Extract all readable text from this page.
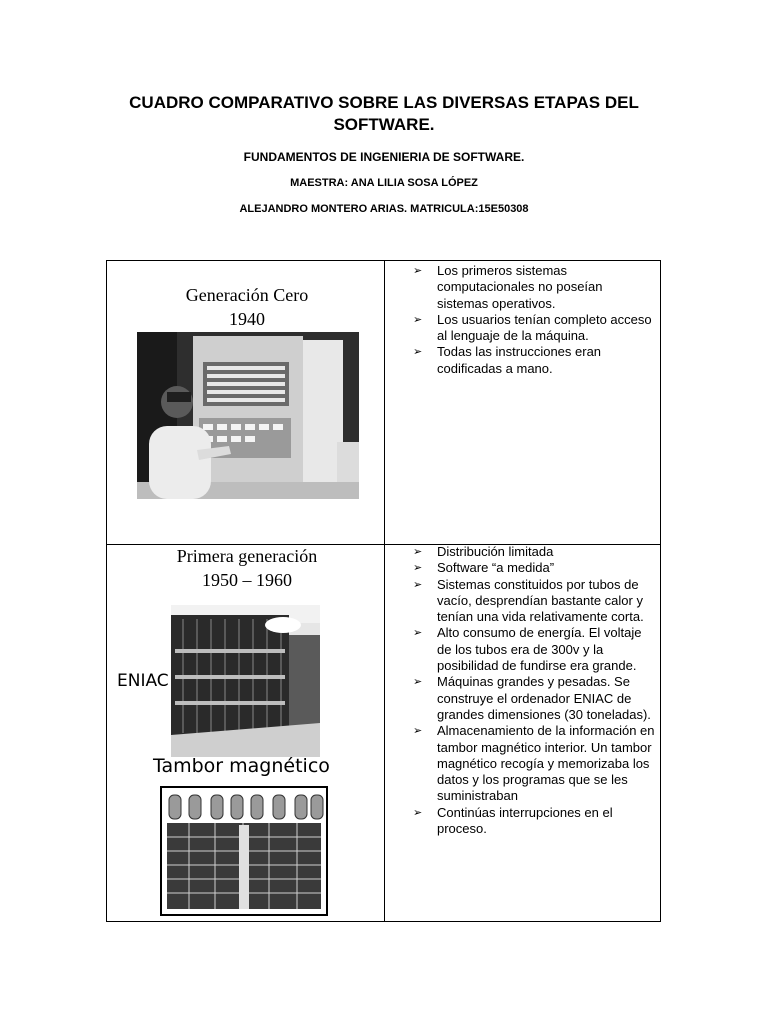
CUADRO COMPARATIVO SOBRE LAS DIVERSAS ETAPAS DEL SOFTWARE.
FUNDAMENTOS DE INGENIERIA DE SOFTWARE.
MAESTRA: ANA LILIA SOSA LÓPEZ
ALEJANDRO MONTERO ARIAS. MATRICULA:15E50308
Generación Cero
1940
➢ Los primeros sistemas computacionales no poseían sistemas operativos.
➢ Los usuarios tenían completo acceso al lenguaje de la máquina.
➢ Todas las instrucciones eran codificadas a mano.
Primera generación
1950 – 1960
ENIAC
Tambor magnético
➢ Distribución limitada
➢ Software “a medida”
➢ Sistemas constituidos por tubos de vacío, desprendían bastante calor y tenían una vida relativamente corta.
➢ Alto consumo de energía. El voltaje de los tubos era de 300v y la posibilidad de fundirse era grande.
➢ Máquinas grandes y pesadas. Se construye el ordenador ENIAC de grandes dimensiones (30 toneladas).
➢ Almacenamiento de la información en tambor magnético interior. Un tambor magnético recogía y memorizaba los datos y los programas que se les suministraban
➢ Continúas interrupciones en el proceso.
